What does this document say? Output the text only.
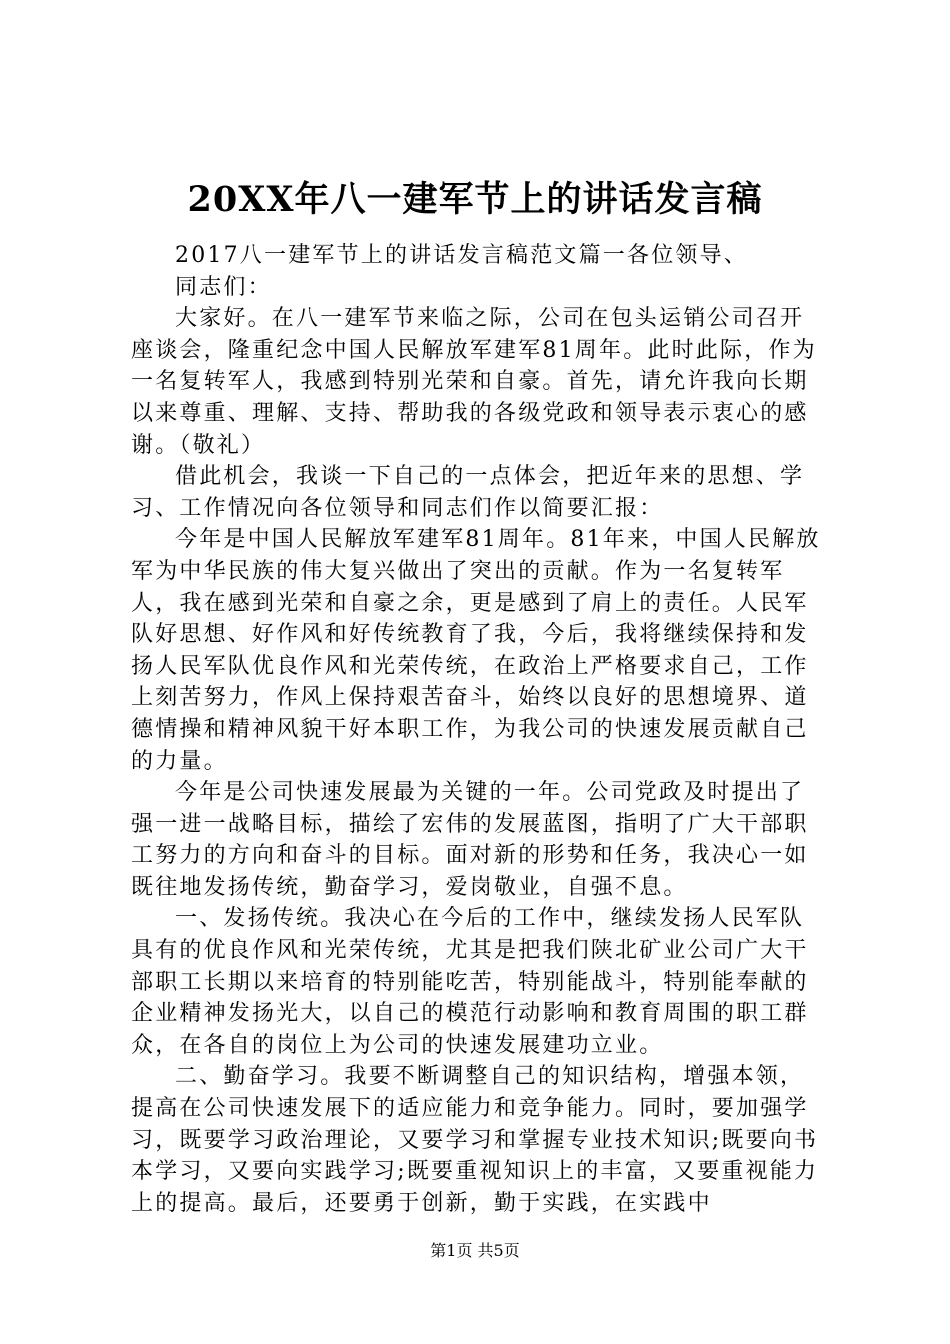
20XX年八一建军节上的讲话发言稿

2017八一建军节上的讲话发言稿范文篇一各位领导、

同志们：

大家好。在八一建军节来临之际，公司在包头运销公司召开座谈会，隆重纪念中国人民解放军建军81周年。此时此际，作为一名复转军人，我感到特别光荣和自豪。首先，请允许我向长期以来尊重、理解、支持、帮助我的各级党政和领导表示衷心的感谢。（敬礼）

借此机会，我谈一下自己的一点体会，把近年来的思想、学习、工作情况向各位领导和同志们作以简要汇报：

今年是中国人民解放军建军81周年。81年来，中国人民解放军为中华民族的伟大复兴做出了突出的贡献。作为一名复转军人，我在感到光荣和自豪之余，更是感到了肩上的责任。人民军队好思想、好作风和好传统教育了我，今后，我将继续保持和发扬人民军队优良作风和光荣传统，在政治上严格要求自己，工作上刻苦努力，作风上保持艰苦奋斗，始终以良好的思想境界、道德情操和精神风貌干好本职工作，为我公司的快速发展贡献自己的力量。

今年是公司快速发展最为关键的一年。公司党政及时提出了强一进一战略目标，描绘了宏伟的发展蓝图，指明了广大干部职工努力的方向和奋斗的目标。面对新的形势和任务，我决心一如既往地发扬传统，勤奋学习，爱岗敬业，自强不息。

一、发扬传统。我决心在今后的工作中，继续发扬人民军队具有的优良作风和光荣传统，尤其是把我们陕北矿业公司广大干部职工长期以来培育的特别能吃苦，特别能战斗，特别能奉献的企业精神发扬光大，以自己的模范行动影响和教育周围的职工群众，在各自的岗位上为公司的快速发展建功立业。

二、勤奋学习。我要不断调整自己的知识结构，增强本领，提高在公司快速发展下的适应能力和竞争能力。同时，要加强学习，既要学习政治理论，又要学习和掌握专业技术知识;既要向书本学习，又要向实践学习;既要重视知识上的丰富，又要重视能力上的提高。最后，还要勇于创新，勤于实践，在实践中

第1页 共5页
